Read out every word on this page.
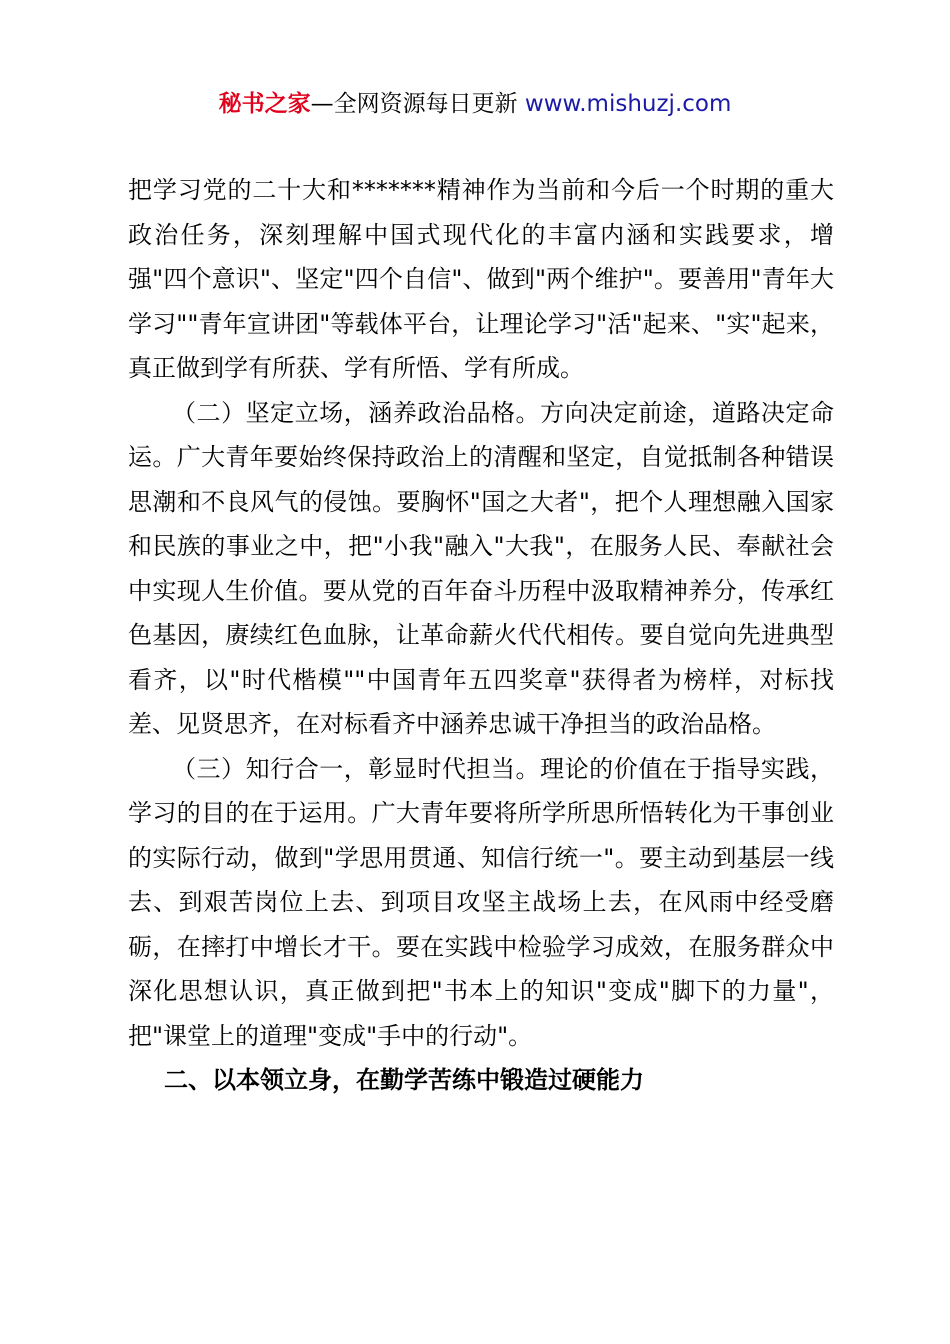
秘书之家—全网资源每日更新 www.mishuzj.com

把学习党的二十大和*******精神作为当前和今后一个时期的重大政治任务，深刻理解中国式现代化的丰富内涵和实践要求，增强"四个意识"、坚定"四个自信"、做到"两个维护"。要善用"青年大学习""青年宣讲团"等载体平台，让理论学习"活"起来、"实"起来，真正做到学有所获、学有所悟、学有所成。

（二）坚定立场，涵养政治品格。方向决定前途，道路决定命运。广大青年要始终保持政治上的清醒和坚定，自觉抵制各种错误思潮和不良风气的侵蚀。要胸怀"国之大者"，把个人理想融入国家和民族的事业之中，把"小我"融入"大我"，在服务人民、奉献社会中实现人生价值。要从党的百年奋斗历程中汲取精神养分，传承红色基因，赓续红色血脉，让革命薪火代代相传。要自觉向先进典型看齐，以"时代楷模""中国青年五四奖章"获得者为榜样，对标找差、见贤思齐，在对标看齐中涵养忠诚干净担当的政治品格。

（三）知行合一，彰显时代担当。理论的价值在于指导实践，学习的目的在于运用。广大青年要将所学所思所悟转化为干事创业的实际行动，做到"学思用贯通、知信行统一"。要主动到基层一线去、到艰苦岗位上去、到项目攻坚主战场上去，在风雨中经受磨砺，在摔打中增长才干。要在实践中检验学习成效，在服务群众中深化思想认识，真正做到把"书本上的知识"变成"脚下的力量"，把"课堂上的道理"变成"手中的行动"。

二、以本领立身，在勤学苦练中锻造过硬能力
